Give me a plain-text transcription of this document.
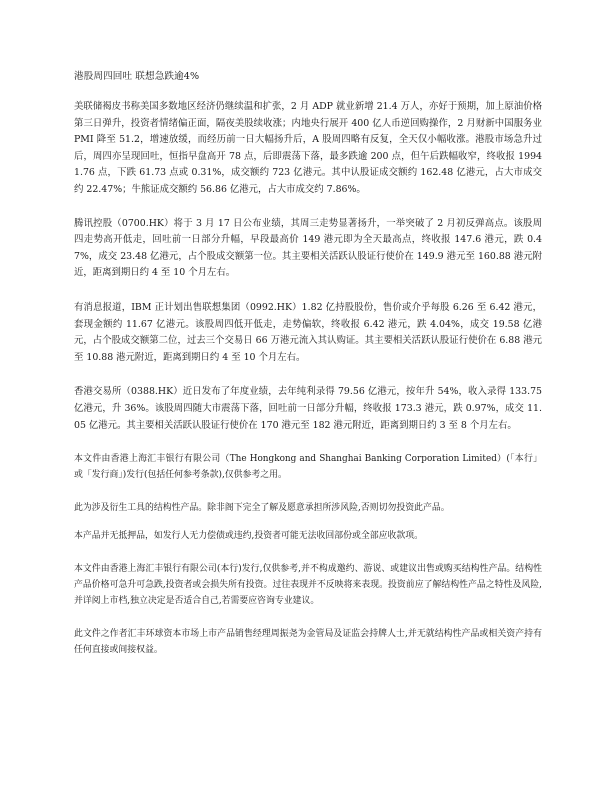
港股周四回吐 联想急跌逾4%

美联储褐皮书称美国多数地区经济仍继续温和扩张，2 月 ADP 就业新增 21.4 万人，亦好于预期，加上原油价格第三日弹升，投资者情绪偏正面，隔夜美股续收涨；内地央行展开 400 亿人币逆回购操作，2 月财新中国服务业 PMI 降至 51.2，增速放缓，而经历前一日大幅扬升后，A 股周四略有反复，全天仅小幅收涨。港股市场急升过后，周四亦呈现回吐，恒指早盘高开 78 点，后即震荡下落，最多跌逾 200 点，但午后跌幅收窄，终收报 19941.76 点，下跌 61.73 点或 0.31%，成交额约 723 亿港元。其中认股证成交额约 162.48 亿港元，占大市成交约 22.47%；牛熊证成交额约 56.86 亿港元，占大市成交约 7.86%。

腾讯控股（0700.HK）将于 3 月 17 日公布业绩，其周三走势显著扬升，一举突破了 2 月初反弹高点。该股周四走势高开低走，回吐前一日部分升幅，早段最高价 149 港元即为全天最高点，终收报 147.6 港元，跌 0.47%，成交 23.48 亿港元，占个股成交额第一位。其主要相关活跃认股证行使价在 149.9 港元至 160.88 港元附近，距离到期日约 4 至 10 个月左右。

有消息报道，IBM 正计划出售联想集团（0992.HK）1.82 亿持股股份，售价或介乎每股 6.26 至 6.42 港元，套现金额约 11.67 亿港元。该股周四低开低走，走势偏软，终收报 6.42 港元，跌 4.04%，成交 19.58 亿港元，占个股成交额第二位，过去三个交易日 66 万港元流入其认购证。其主要相关活跃认股证行使价在 6.88 港元至 10.88 港元附近，距离到期日约 4 至 10 个月左右。

香港交易所（0388.HK）近日发布了年度业绩，去年纯利录得 79.56 亿港元，按年升 54%，收入录得 133.75 亿港元，升 36%。该股周四随大市震荡下落，回吐前一日部分升幅，终收报 173.3 港元，跌 0.97%，成交 11.05 亿港元。其主要相关活跃认股证行使价在 170 港元至 182 港元附近，距离到期日约 3 至 8 个月左右。

本文件由香港上海汇丰银行有限公司（The Hongkong and Shanghai Banking Corporation Limited）(「本行」或「发行商」)发行(包括任何参考条款),仅供参考之用。

此为涉及衍生工具的结构性产品。除非阁下完全了解及愿意承担所涉风险,否则切勿投资此产品。

本产品并无抵押品，如发行人无力偿债或违约,投资者可能无法收回部份或全部应收款项。

本文件由香港上海汇丰银行有限公司(本行)发行,仅供参考,并不构成邀约、游说、或建议出售或购买结构性产品。结构性产品价格可急升可急跌,投资者或会损失所有投资。过往表现并不反映将来表现。投资前应了解结构性产品之特性及风险,并详阅上市档,独立决定是否适合自己,若需要应咨询专业建议。

此文件之作者汇丰环球资本市场上市产品销售经理周振尧为金管局及证监会持牌人士,并无就结构性产品或相关资产持有任何直接或间接权益。
